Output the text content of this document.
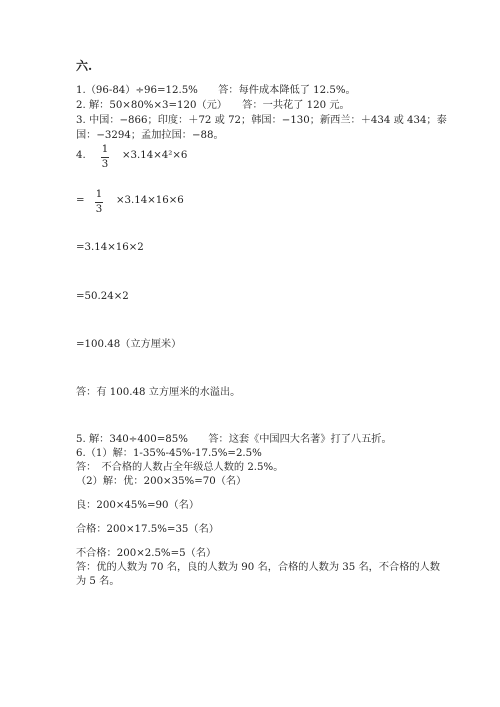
六.
1.（96-84）÷96=12.5%　　答：每件成本降低了 12.5%。
2. 解：50×80%×3=120（元）　　答：一共花了 120 元。
3. 中国：−866；印度：＋72 或 72；韩国：−130；新西兰：＋434 或 434；泰
国：−3294；孟加拉国：−88。
4.
1
3
×3.14×4²×6
=
1
3
×3.14×16×6
=3.14×16×2
=50.24×2
=100.48（立方厘米）
答：有 100.48 立方厘米的水溢出。
5. 解：340÷400=85%　　答：这套《中国四大名著》打了八五折。
6.（1）解：1-35%-45%-17.5%=2.5%
答：　不合格的人数占全年级总人数的 2.5%。
（2）解：优：200×35%=70（名）
良：200×45%=90（名）
合格：200×17.5%=35（名）
不合格：200×2.5%=5（名）
答：优的人数为 70 名，良的人数为 90 名，合格的人数为 35 名，不合格的人数
为 5 名。
